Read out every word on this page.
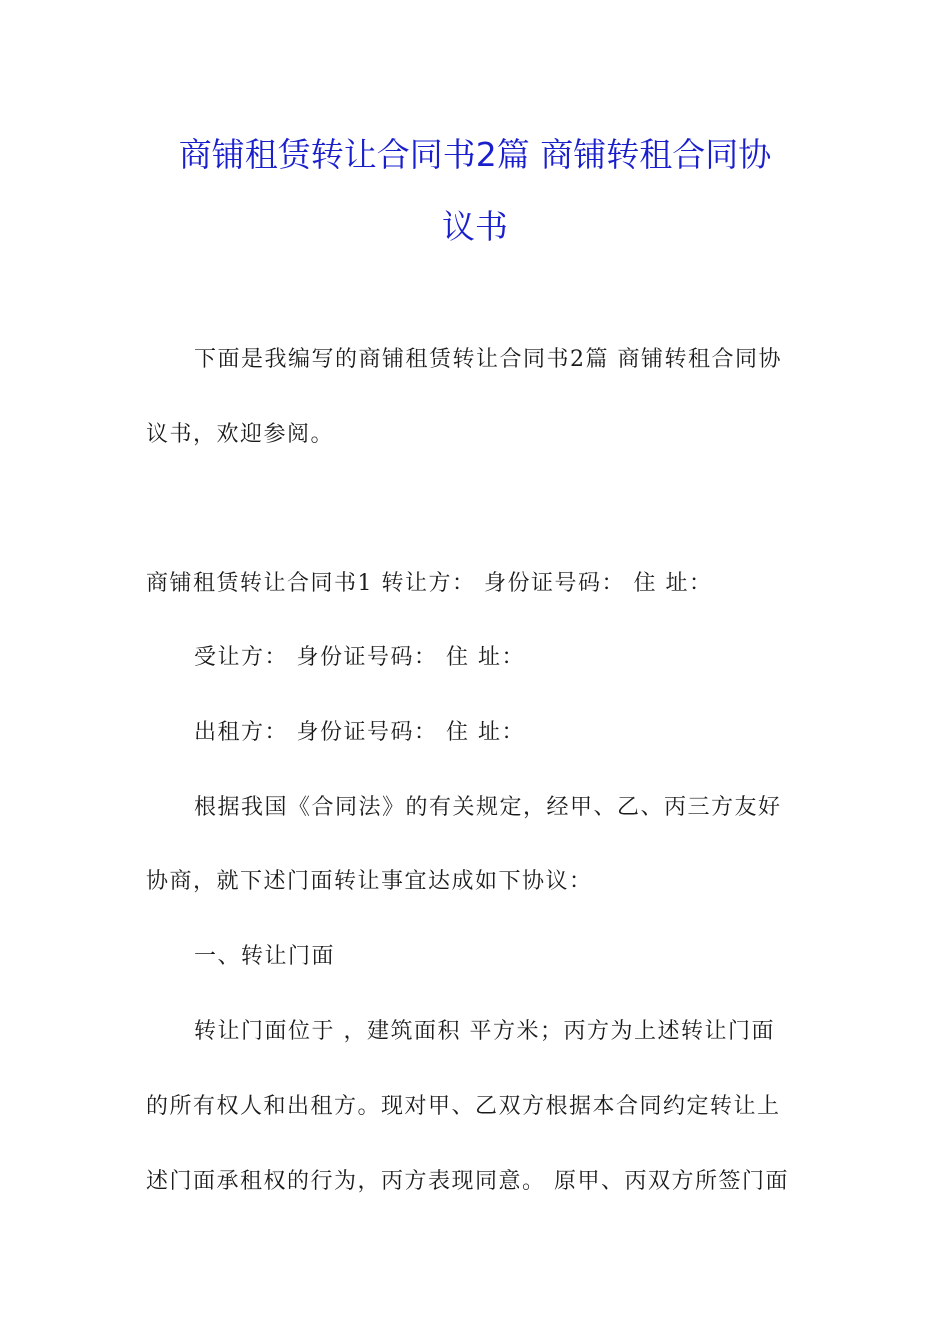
商铺租赁转让合同书2篇 商铺转租合同协
议书
下面是我编写的商铺租赁转让合同书2篇 商铺转租合同协
议书，欢迎参阅。
商铺租赁转让合同书1 转让方： 身份证号码： 住 址：
受让方： 身份证号码： 住 址：
出租方： 身份证号码： 住 址：
根据我国《合同法》的有关规定，经甲、乙、丙三方友好
协商，就下述门面转让事宜达成如下协议：
一、转让门面
转让门面位于 ，建筑面积 平方米；丙方为上述转让门面
的所有权人和出租方。现对甲、乙双方根据本合同约定转让上
述门面承租权的行为，丙方表现同意。 原甲、丙双方所签门面
